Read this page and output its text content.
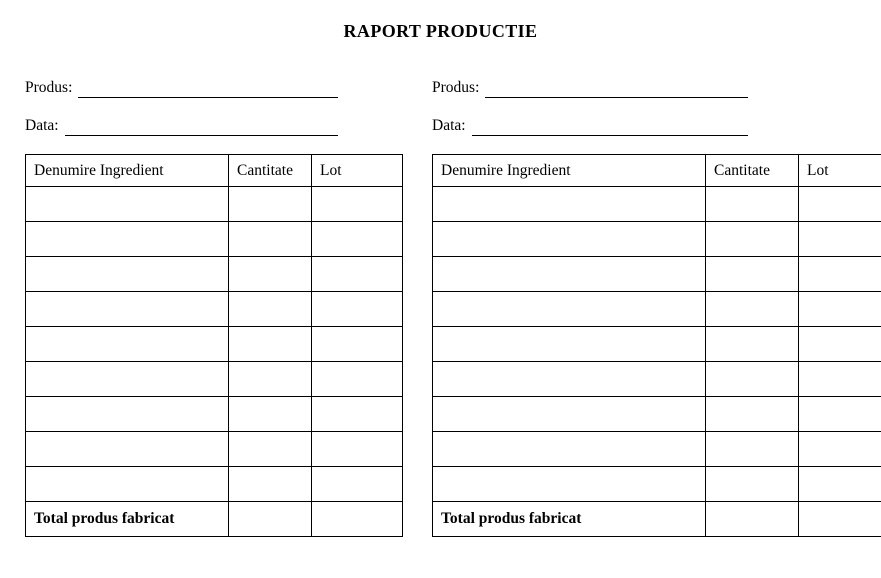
RAPORT PRODUCTIE
Produs:
Data:
Denumire Ingredient	Cantitate	Lot

Total produs fabricat		
Produs:
Data:
Denumire Ingredient	Cantitate	Lot

Total produs fabricat		
